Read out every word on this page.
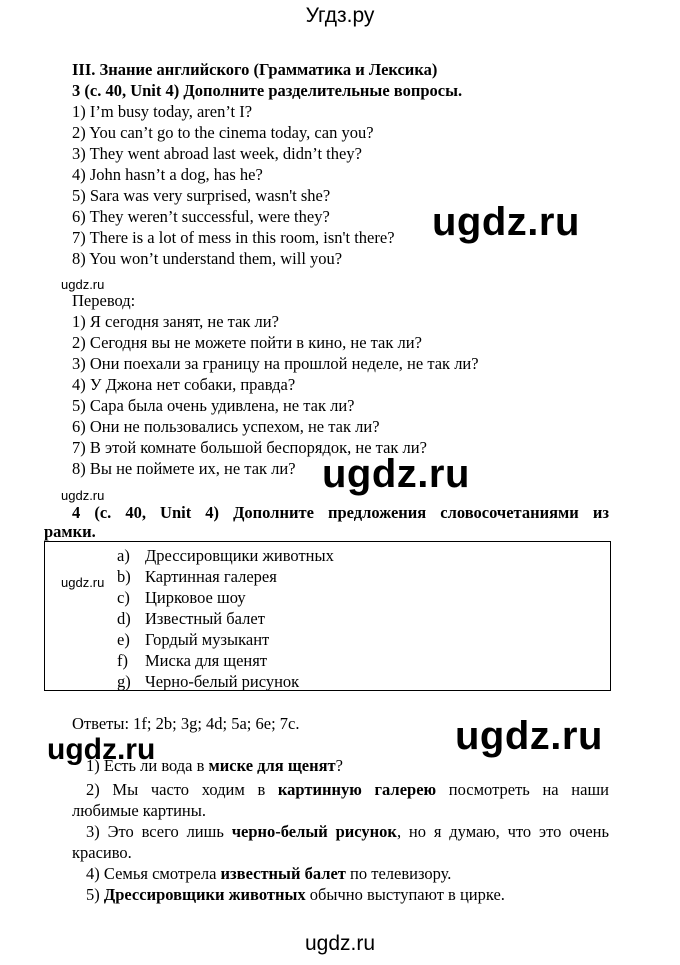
Угдз.ру
III. Знание английского (Грамматика и Лексика)
3 (с. 40, Unit 4) Дополните разделительные вопросы.
1) I’m busy today, aren’t I?
2) You can’t go to the cinema today, can you?
3) They went abroad last week, didn’t they?
4) John hasn’t a dog, has he?
5) Sara was very surprised, wasn't she?
6) They weren’t successful, were they?
7) There is a lot of mess in this room, isn't there?
8) You won’t understand them, will you?
ugdz.ru
ugdz.ru
Перевод:
1) Я сегодня занят, не так ли?
2) Сегодня вы не можете пойти в кино, не так ли?
3) Они поехали за границу на прошлой неделе, не так ли?
4) У Джона нет собаки, правда?
5) Сара была очень удивлена, не так ли?
6) Они не пользовались успехом, не так ли?
7) В этой комнате большой беспорядок, не так ли?
8) Вы не поймете их, не так ли? ugdz.ru
ugdz.ru
4 (с. 40, Unit 4) Дополните предложения словосочетаниями из
рамки.
a) Дрессировщики животных
b) Картинная галерея
c) Цирковое шоу
d) Известный балет
e) Гордый музыкант
f) Миска для щенят
g) Черно-белый рисунок
ugdz.ru
Ответы: 1f; 2b; 3g; 4d; 5a; 6e; 7c.	ugdz.ru
ugdz.ru
1) Есть ли вода в миске для щенят?
2) Мы часто ходим в картинную галерею посмотреть на наши
любимые картины.
3) Это всего лишь черно-белый рисунок, но я думаю, что это очень
красиво.
4) Семья смотрела известный балет по телевизору.
5) Дрессировщики животных обычно выступают в цирке.
ugdz.ru
